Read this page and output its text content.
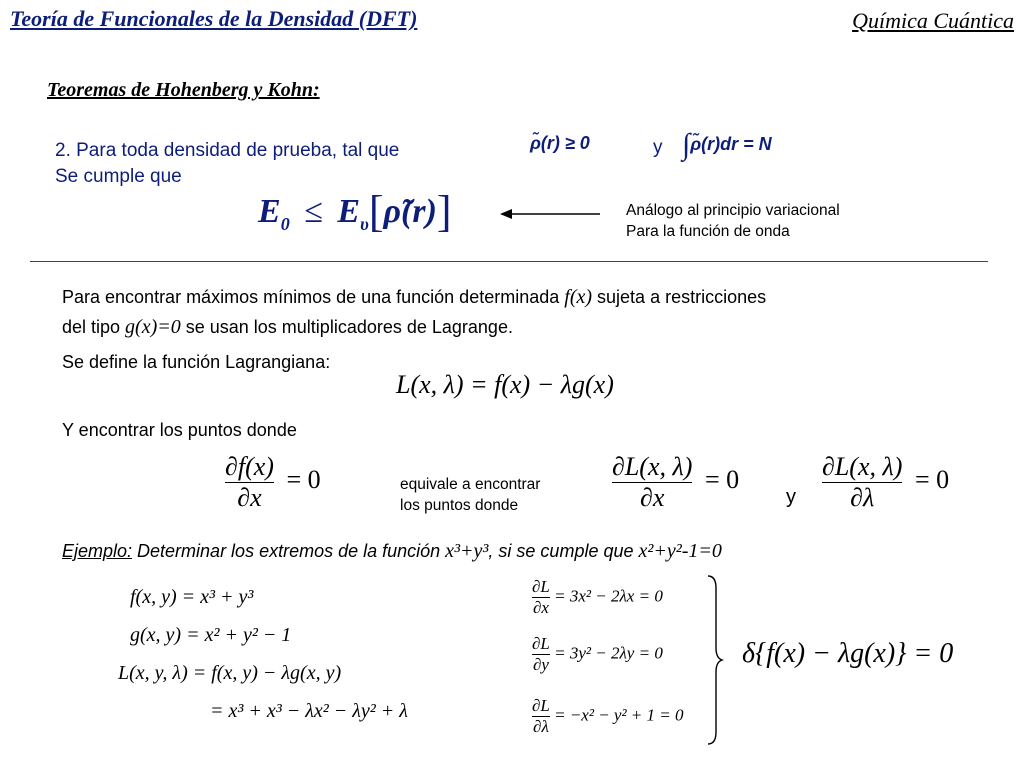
Teoría de Funcionales de la Densidad (DFT)	Química Cuántica
Teoremas de Hohenberg y Kohn:
2. Para toda densidad de prueba, tal que	ρ̃(r) ≥ 0	y ∫ρ̃(r)dr = N
Se cumple que
$E_0$ ≤ $E_\upsilon[\rhõ(r)]$	Análogo al principio variacional
Para la función de onda
Para encontrar máximos mínimos de una función determinada f(x) sujeta a restricciones
del tipo g(x)=0 se usan los multiplicadores de Lagrange.
Se define la función Lagrangiana:
L(x, λ) = f(x) − λg(x)
Y encontrar los puntos donde
$\frac{\partial f(x)}{\partial x} = 0$	equivale a encontrar
los puntos donde	$\frac{\partial L(x, \lambda)}{\partial x} = 0$
y $\frac{\partial L(x, \lambda)}{\partial\lambda} = 0$
Ejemplo: Determinar los extremos de la función x³+y³, si se cumple que x²+y²-1=0
f(x, y) = x³ + y³
g(x, y) = x² + y² − 1
L(x, y, λ) = f(x, y) − λg(x, y)
= x³ + x³ − λx² − λy² + λ
$\frac{\partial L}{\partial x} = 3x^2 - 2\lambda x = 0$
$\frac{\partial L}{\partial y} = 3y^2 - 2\lambda y = 0$
$\frac{\partial L}{\partial\lambda} = -x^2 - y^2 + 1 = 0$
δ{f(x) − λg(x)} = 0
